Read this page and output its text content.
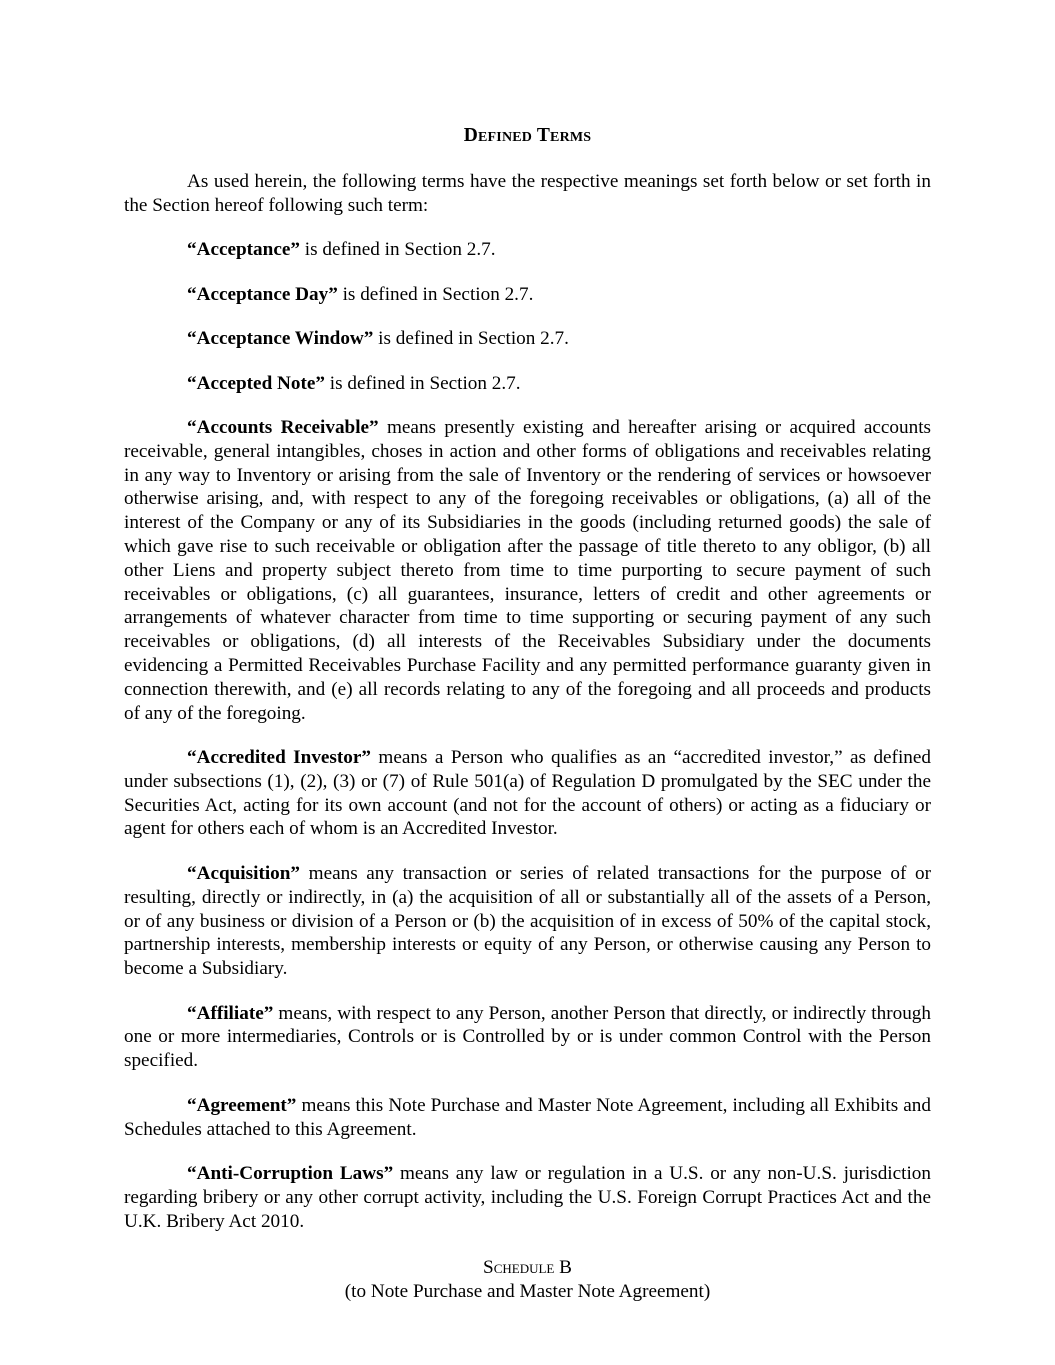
Defined Terms

As used herein, the following terms have the respective meanings set forth below or set forth in the Section hereof following such term:

“Acceptance” is defined in Section 2.7.

“Acceptance Day” is defined in Section 2.7.

“Acceptance Window” is defined in Section 2.7.

“Accepted Note” is defined in Section 2.7.

“Accounts Receivable” means presently existing and hereafter arising or acquired accounts receivable, general intangibles, choses in action and other forms of obligations and receivables relating in any way to Inventory or arising from the sale of Inventory or the rendering of services or howsoever otherwise arising, and, with respect to any of the foregoing receivables or obligations, (a) all of the interest of the Company or any of its Subsidiaries in the goods (including returned goods) the sale of which gave rise to such receivable or obligation after the passage of title thereto to any obligor, (b) all other Liens and property subject thereto from time to time purporting to secure payment of such receivables or obligations, (c) all guarantees, insurance, letters of credit and other agreements or arrangements of whatever character from time to time supporting or securing payment of any such receivables or obligations, (d) all interests of the Receivables Subsidiary under the documents evidencing a Permitted Receivables Purchase Facility and any permitted performance guaranty given in connection therewith, and (e) all records relating to any of the foregoing and all proceeds and products of any of the foregoing.

“Accredited Investor” means a Person who qualifies as an “accredited investor,” as defined under subsections (1), (2), (3) or (7) of Rule 501(a) of Regulation D promulgated by the SEC under the Securities Act, acting for its own account (and not for the account of others) or acting as a fiduciary or agent for others each of whom is an Accredited Investor.

“Acquisition” means any transaction or series of related transactions for the purpose of or resulting, directly or indirectly, in (a) the acquisition of all or substantially all of the assets of a Person, or of any business or division of a Person or (b) the acquisition of in excess of 50% of the capital stock, partnership interests, membership interests or equity of any Person, or otherwise causing any Person to become a Subsidiary.

“Affiliate” means, with respect to any Person, another Person that directly, or indirectly through one or more intermediaries, Controls or is Controlled by or is under common Control with the Person specified.

“Agreement” means this Note Purchase and Master Note Agreement, including all Exhibits and Schedules attached to this Agreement.

“Anti-Corruption Laws” means any law or regulation in a U.S. or any non-U.S. jurisdiction regarding bribery or any other corrupt activity, including the U.S. Foreign Corrupt Practices Act and the U.K. Bribery Act 2010.

Schedule B
(to Note Purchase and Master Note Agreement)
